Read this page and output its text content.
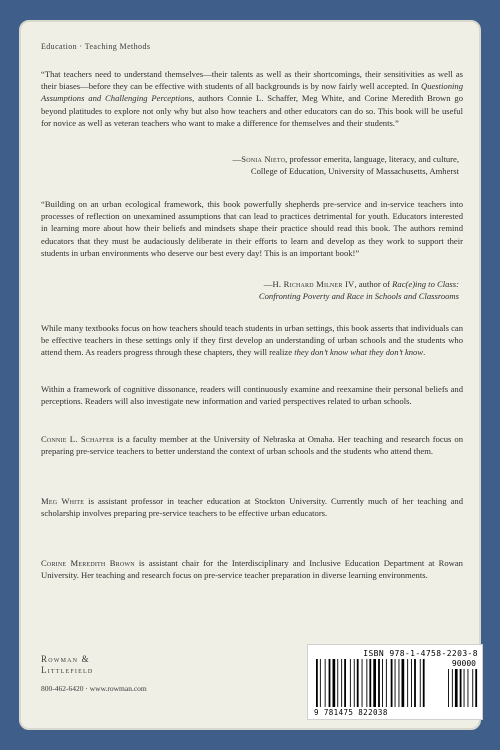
Education · Teaching Methods

“That teachers need to understand themselves—their talents as well as their shortcomings, their sensitivities as well as their biases—before they can be effective with students of all backgrounds is by now fairly well accepted. In Questioning Assumptions and Challenging Perceptions, authors Connie L. Schaffer, Meg White, and Corine Meredith Brown go beyond platitudes to explore not only why but also how teachers and other educators can do so. This book will be useful for novice as well as veteran teachers who want to make a difference for themselves and their students.”

—Sonia Nieto, professor emerita, language, literacy, and culture,
College of Education, University of Massachusetts, Amherst

“Building on an urban ecological framework, this book powerfully shepherds pre-service and in-service teachers into processes of reflection on unexamined assumptions that can lead to practices detrimental for youth. Educators interested in learning more about how their beliefs and mindsets shape their practice should read this book. The authors remind educators that they must be audaciously deliberate in their efforts to learn and develop as they work to support their students in urban environments who deserve our best every day! This is an important book!”

—H. Richard Milner IV, author of Rac(e)ing to Class:
Confronting Poverty and Race in Schools and Classrooms

While many textbooks focus on how teachers should teach students in urban settings, this book asserts that individuals can be effective teachers in these settings only if they first develop an understanding of urban schools and the students who attend them. As readers progress through these chapters, they will realize they don’t know what they don’t know.

Within a framework of cognitive dissonance, readers will continuously examine and reexamine their personal beliefs and perceptions. Readers will also investigate new information and varied perspectives related to urban schools.

Connie L. Schaffer is a faculty member at the University of Nebraska at Omaha. Her teaching and research focus on preparing pre-service teachers to better understand the context of urban schools and the students who attend them.

Meg White is assistant professor in teacher education at Stockton University. Currently much of her teaching and scholarship involves preparing pre-service teachers to be effective urban educators.

Corine Meredith Brown is assistant chair for the Interdisciplinary and Inclusive Education Department at Rowan University. Her teaching and research focus on pre-service teacher preparation in diverse learning environments.

Rowman &
Littlefield
800-462-6420 · www.rowman.com
ISBN 978-1-4758-2203-8
90000
9 781475 822038
